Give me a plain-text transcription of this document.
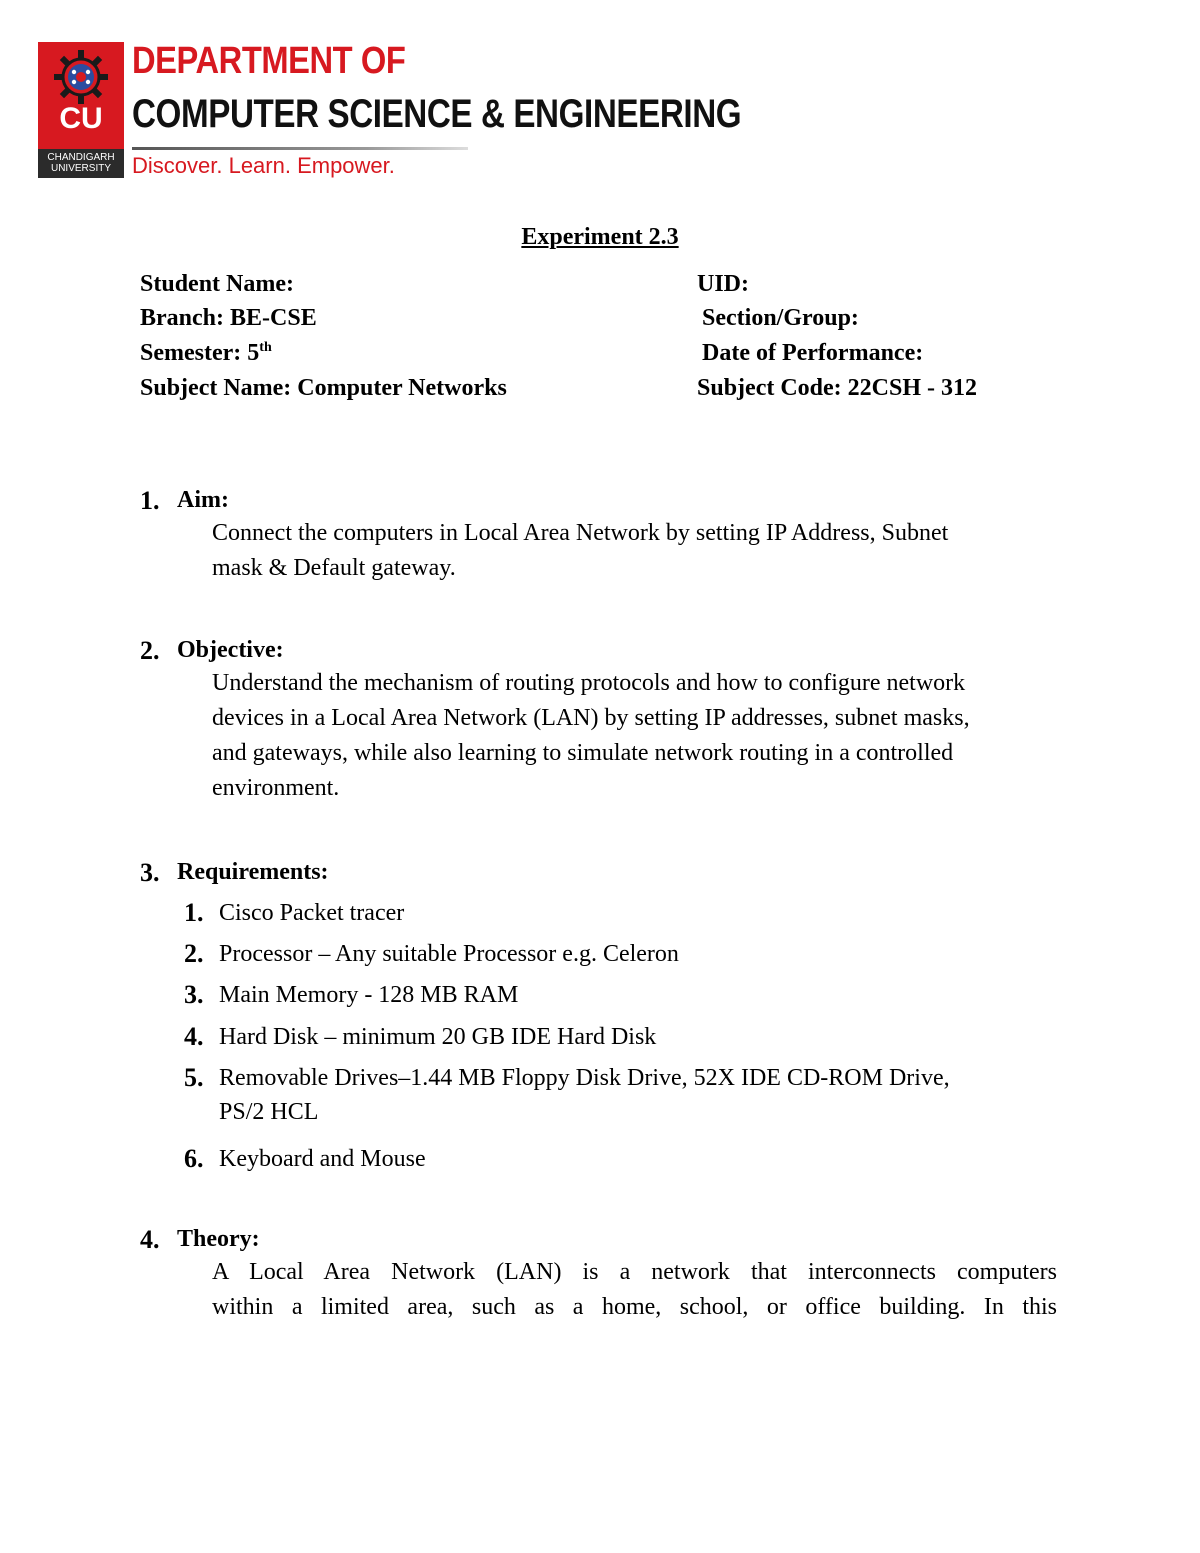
CU
CHANDIGARH
UNIVERSITY
DEPARTMENT OF
COMPUTER SCIENCE & ENGINEERING
Discover. Learn. Empower.
Experiment 2.3
Student Name:	UID:
Branch: BE-CSE	Section/Group:
Semester: 5th	Date of Performance:
Subject Name: Computer Networks	Subject Code: 22CSH - 312
1. Aim:
Connect the computers in Local Area Network by setting IP Address, Subnet
mask & Default gateway.
2. Objective:
Understand the mechanism of routing protocols and how to configure network
devices in a Local Area Network (LAN) by setting IP addresses, subnet masks,
and gateways, while also learning to simulate network routing in a controlled
environment.
3. Requirements:
1. Cisco Packet tracer
2. Processor – Any suitable Processor e.g. Celeron
3. Main Memory - 128 MB RAM
4. Hard Disk – minimum 20 GB IDE Hard Disk
5. Removable Drives–1.44 MB Floppy Disk Drive, 52X IDE CD-ROM Drive,
PS/2 HCL
6. Keyboard and Mouse
4. Theory:
A Local Area Network (LAN) is a network that interconnects computers
within a limited area, such as a home, school, or office building. In this
